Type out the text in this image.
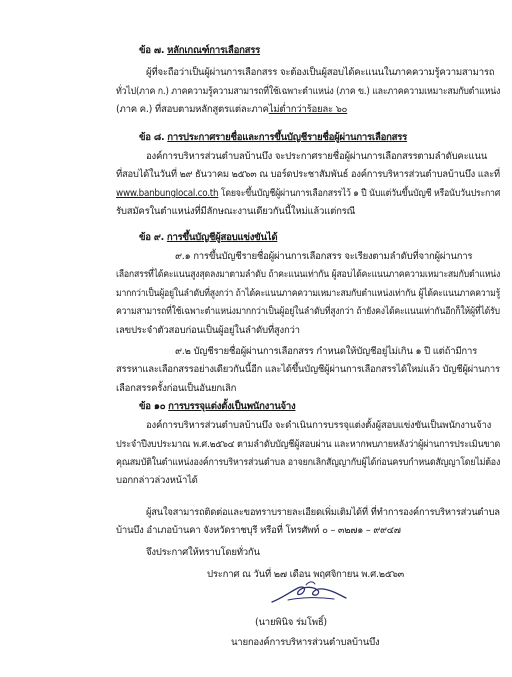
ข้อ ๗. หลักเกณฑ์การเลือกสรร
ผู้ที่จะถือว่าเป็นผู้ผ่านการเลือกสรร จะต้องเป็นผู้สอบได้คะแนนในภาคความรู้ความสามารถ
ทั่วไป(ภาค ก.) ภาคความรู้ความสามารถที่ใช้เฉพาะตำแหน่ง (ภาค ข.) และภาคความเหมาะสมกับตำแหน่ง
(ภาค ค.) ที่สอบตามหลักสูตรแต่ละภาคไม่ต่ำกว่าร้อยละ ๖๐
ข้อ ๘. การประกาศรายชื่อและการขึ้นบัญชีรายชื่อผู้ผ่านการเลือกสรร
องค์การบริหารส่วนตำบลบ้านบึง จะประกาศรายชื่อผู้ผ่านการเลือกสรรตามลำดับคะแนน
ที่สอบได้ในวันที่ ๒๙ ธันวาคม ๒๕๖๓ ณ บอร์ดประชาสัมพันธ์ องค์การบริหารส่วนตำบลบ้านบึง และที่
www.banbunglocal.co.th โดยจะขึ้นบัญชีผู้ผ่านการเลือกสรรไว้ ๑ ปี นับแต่วันขึ้นบัญชี หรือนับวันประกาศ
รับสมัครในตำแหน่งที่มีลักษณะงานเดียวกันนี้ใหม่แล้วแต่กรณี
ข้อ ๙. การขึ้นบัญชีผู้สอบแข่งขันได้
๙.๑ การขึ้นบัญชีรายชื่อผู้ผ่านการเลือกสรร จะเรียงตามลำดับที่จากผู้ผ่านการ
เลือกสรรที่ได้คะแนนสูงสุดลงมาตามลำดับ ถ้าคะแนนเท่ากัน ผู้สอบได้คะแนนภาคความเหมาะสมกับตำแหน่ง
มากกว่าเป็นผู้อยู่ในลำดับที่สูงกว่า ถ้าได้คะแนนภาคความเหมาะสมกับตำแหน่งเท่ากัน ผู้ได้คะแนนภาคความรู้
ความสามารถที่ใช้เฉพาะตำแหน่งมากกว่าเป็นผู้อยู่ในลำดับที่สูงกว่า ถ้ายังคงได้คะแนนเท่ากันอีกก็ให้ผู้ที่ได้รับ
เลขประจำตัวสอบก่อนเป็นผู้อยู่ในลำดับที่สูงกว่า
๙.๒ บัญชีรายชื่อผู้ผ่านการเลือกสรร กำหนดให้บัญชีอยู่ไม่เกิน ๑ ปี แต่ถ้ามีการ
สรรหาและเลือกสรรอย่างเดียวกันนี้อีก และได้ขึ้นบัญชีผู้ผ่านการเลือกสรรได้ใหม่แล้ว บัญชีผู้ผ่านการ
เลือกสรรครั้งก่อนเป็นอันยกเลิก
ข้อ ๑๐ การบรรจุแต่งตั้งเป็นพนักงานจ้าง
องค์การบริหารส่วนตำบลบ้านบึง จะดำเนินการบรรจุแต่งตั้งผู้สอบแข่งขันเป็นพนักงานจ้าง
ประจำปีงบประมาณ พ.ศ.๒๕๖๔ ตามลำดับบัญชีผู้สอบผ่าน และหากพบภายหลังว่าผู้ผ่านการประเมินขาด
คุณสมบัติในตำแหน่งองค์การบริหารส่วนตำบล อาจยกเลิกสัญญากับผู้ได้ก่อนครบกำหนดสัญญาโดยไม่ต้อง
บอกกล่าวล่วงหน้าได้
ผู้สนใจสามารถติดต่อและขอทราบรายละเอียดเพิ่มเติมได้ที่ ที่ทำการองค์การบริหารส่วนตำบล
บ้านบึง อำเภอบ้านคา จังหวัดราชบุรี หรือที่ โทรศัพท์ ๐ – ๓๒๗๑ – ๙๙๔๗
จึงประกาศให้ทราบโดยทั่วกัน
ประกาศ ณ วันที่ ๒๗ เดือน พฤศจิกายน พ.ศ.๒๕๖๓
(นายพินิจ ร่มโพธิ์)
นายกองค์การบริหารส่วนตำบลบ้านบึง
